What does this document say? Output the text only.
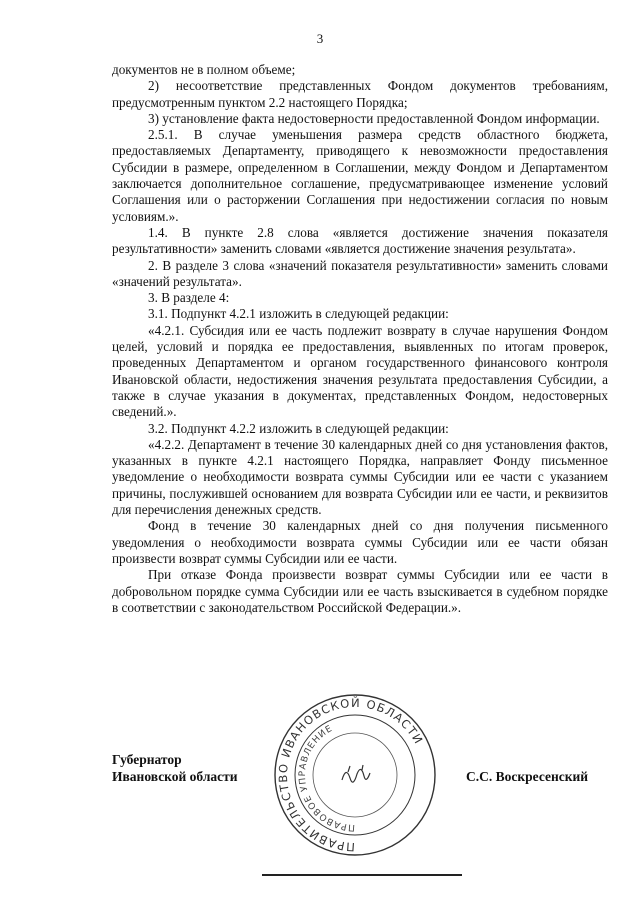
3

документов не в полном объеме;

2) несоответствие представленных Фондом документов требованиям, предусмотренным пунктом 2.2 настоящего Порядка;

3) установление факта недостоверности предоставленной Фондом информации.

2.5.1. В случае уменьшения размера средств областного бюджета, предоставляемых Департаменту, приводящего к невозможности предоставления Субсидии в размере, определенном в Соглашении, между Фондом и Департаментом заключается дополнительное соглашение, предусматривающее изменение условий Соглашения или о расторжении Соглашения при недостижении согласия по новым условиям.».

1.4. В пункте 2.8 слова «является достижение значения показателя результативности» заменить словами «является достижение значения результата».

2. В разделе 3 слова «значений показателя результативности» заменить словами «значений результата».

3. В разделе 4:

3.1. Подпункт 4.2.1 изложить в следующей редакции:

«4.2.1. Субсидия или ее часть подлежит возврату в случае нарушения Фондом целей, условий и порядка ее предоставления, выявленных по итогам проверок, проведенных Департаментом и органом государственного финансового контроля Ивановской области, недостижения значения результата предоставления Субсидии, а также в случае указания в документах, представленных Фондом, недостоверных сведений.».

3.2. Подпункт 4.2.2 изложить в следующей редакции:

«4.2.2. Департамент в течение 30 календарных дней со дня установления фактов, указанных в пункте 4.2.1 настоящего Порядка, направляет Фонду письменное уведомление о необходимости возврата суммы Субсидии или ее части с указанием причины, послужившей основанием для возврата Субсидии или ее части, и реквизитов для перечисления денежных средств.

Фонд в течение 30 календарных дней со дня получения письменного уведомления о необходимости возврата суммы Субсидии или ее части обязан произвести возврат суммы Субсидии или ее части.

При отказе Фонда произвести возврат суммы Субсидии или ее части в добровольном порядке сумма Субсидии или ее часть взыскивается в судебном порядке в соответствии с законодательством Российской Федерации.».

Губернатор
Ивановской области	С.С. Воскресенский
ПРАВИТЕЛЬСТВО ИВАНОВСКОЙ ОБЛАСТИ
ПРАВОВОЕ УПРАВЛЕНИЕ
